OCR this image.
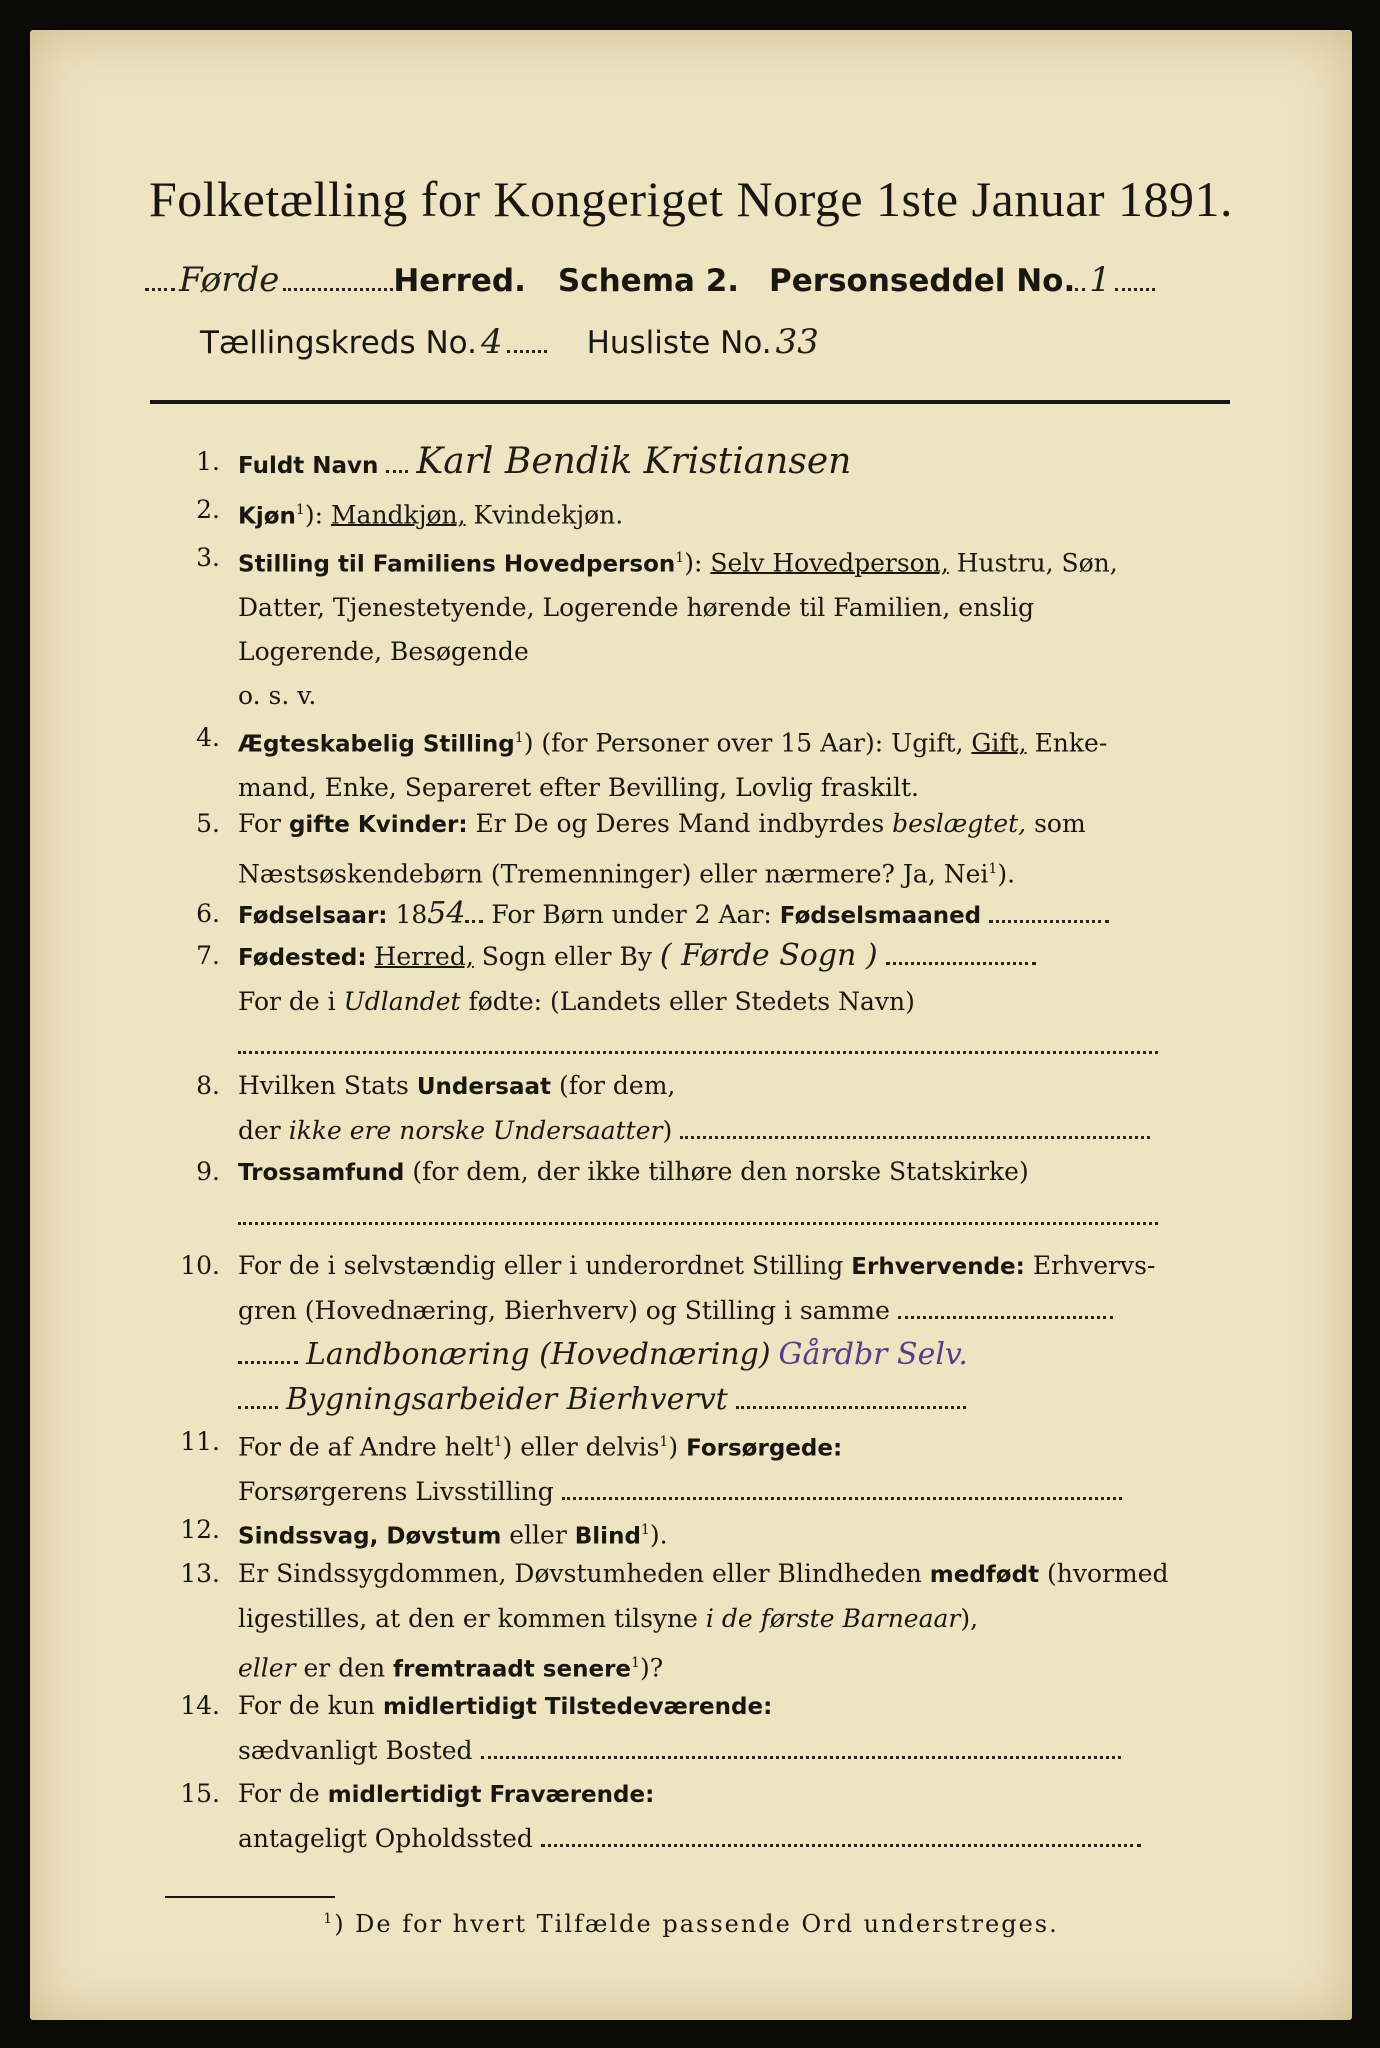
Folketælling for Kongeriget Norge 1ste Januar 1891.
Førde	Herred. Schema 2. Personseddel No. 1
Tællingskreds No. 4	Husliste No. 33
1. Fuldt Navn Karl Bendik Kristiansen
2. Kjøn$^1$): Mandkjøn, Kvindekjøn.
3. Stilling til Familiens Hovedperson$^1$): Selv Hovedperson, Hustru, Søn,
Datter, Tjenestetyende, Logerende hørende til Familien, enslig
Logerende, Besøgende
o. s. v.
4. Ægteskabelig Stilling$^1$) (for Personer over 15 Aar): Ugift, Gift, Enke-
mand, Enke, Separeret efter Bevilling, Lovlig fraskilt.
5. For gifte Kvinder: Er De og Deres Mand indbyrdes beslægtet, som
Næstsøskendebørn (Tremenninger) eller nærmere? Ja, Nei$^1$).
6. Fødselsaar: 1854 For Børn under 2 Aar: Fødselsmaaned
7. Fødested: Herred, Sogn eller By ( Førde Sogn )
For de i Udlandet fødte: (Landets eller Stedets Navn)
8. Hvilken Stats Undersaat (for dem,
der ikke ere norske Undersaatter)
9. Trossamfund (for dem, der ikke tilhøre den norske Statskirke)
10. For de i selvstændig eller i underordnet Stilling Erhvervende: Erhvervs-
gren (Hovednæring, Bierhverv) og Stilling i samme
Landbonæring (Hovednæring) Gårdbr Selv.
Bygningsarbeider Bierhvervt
11. For de af Andre helt$^1$) eller delvis$^1$) Forsørgede:
Forsørgerens Livsstilling
12. Sindssvag, Døvstum eller Blind$^1$).
13. Er Sindssygdommen, Døvstumheden eller Blindheden medfødt (hvormed
ligestilles, at den er kommen tilsyne i de første Barneaar),
eller er den fremtraadt senere$^1$)?
14. For de kun midlertidigt Tilstedeværende:
sædvanligt Bosted
15. For de midlertidigt Fraværende:
antageligt Opholdssted
$^1$) De for hvert Tilfælde passende Ord understreges.
